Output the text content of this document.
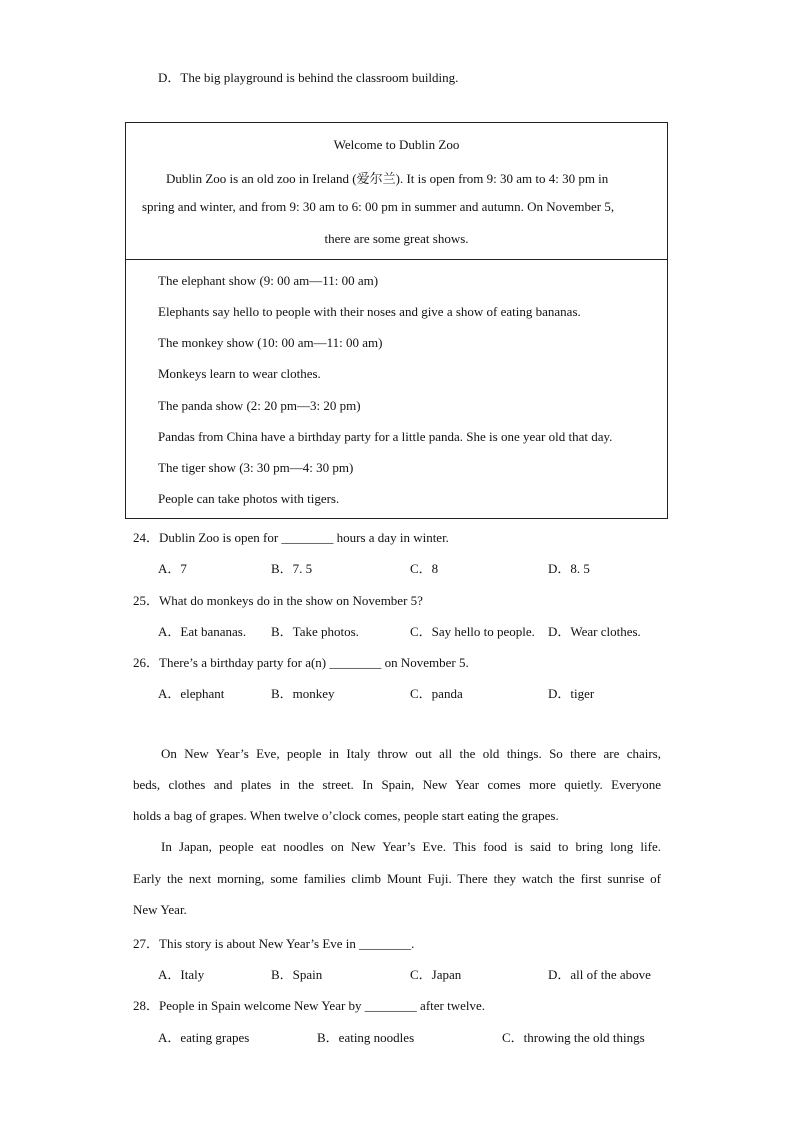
D．The big playground is behind the classroom building.
Welcome to Dublin Zoo
Dublin Zoo is an old zoo in Ireland (爱尔兰). It is open from 9: 30 am to 4: 30 pm in
spring and winter, and from 9: 30 am to 6: 00 pm in summer and autumn. On November 5,
there are some great shows.
The elephant show (9: 00 am—11: 00 am)
Elephants say hello to people with their noses and give a show of eating bananas.
The monkey show (10: 00 am—11: 00 am)
Monkeys learn to wear clothes.
The panda show (2: 20 pm—3: 20 pm)
Pandas from China have a birthday party for a little panda. She is one year old that day.
The tiger show (3: 30 pm—4: 30 pm)
People can take photos with tigers.
24．Dublin Zoo is open for ________ hours a day in winter.
A．7	B．7. 5	C．8	D．8. 5
25．What do monkeys do in the show on November 5?
A．Eat bananas. B．Take photos.	C．Say hello to people. D．Wear clothes.
26．There’s a birthday party for a(n) ________ on November 5.
A．elephant	B．monkey	C．panda	D．tiger
On New Year’s Eve, people in Italy throw out all the old things. So there are chairs,
beds, clothes and plates in the street. In Spain, New Year comes more quietly. Everyone
holds a bag of grapes. When twelve o’clock comes, people start eating the grapes.
In Japan, people eat noodles on New Year’s Eve. This food is said to bring long life.
Early the next morning, some families climb Mount Fuji. There they watch the first sunrise of
New Year.
27．This story is about New Year’s Eve in ________.
A．Italy	B．Spain	C．Japan	D．all of the above
28．People in Spain welcome New Year by ________ after twelve.
A．eating grapes	B．eating noodles	C．throwing the old things
